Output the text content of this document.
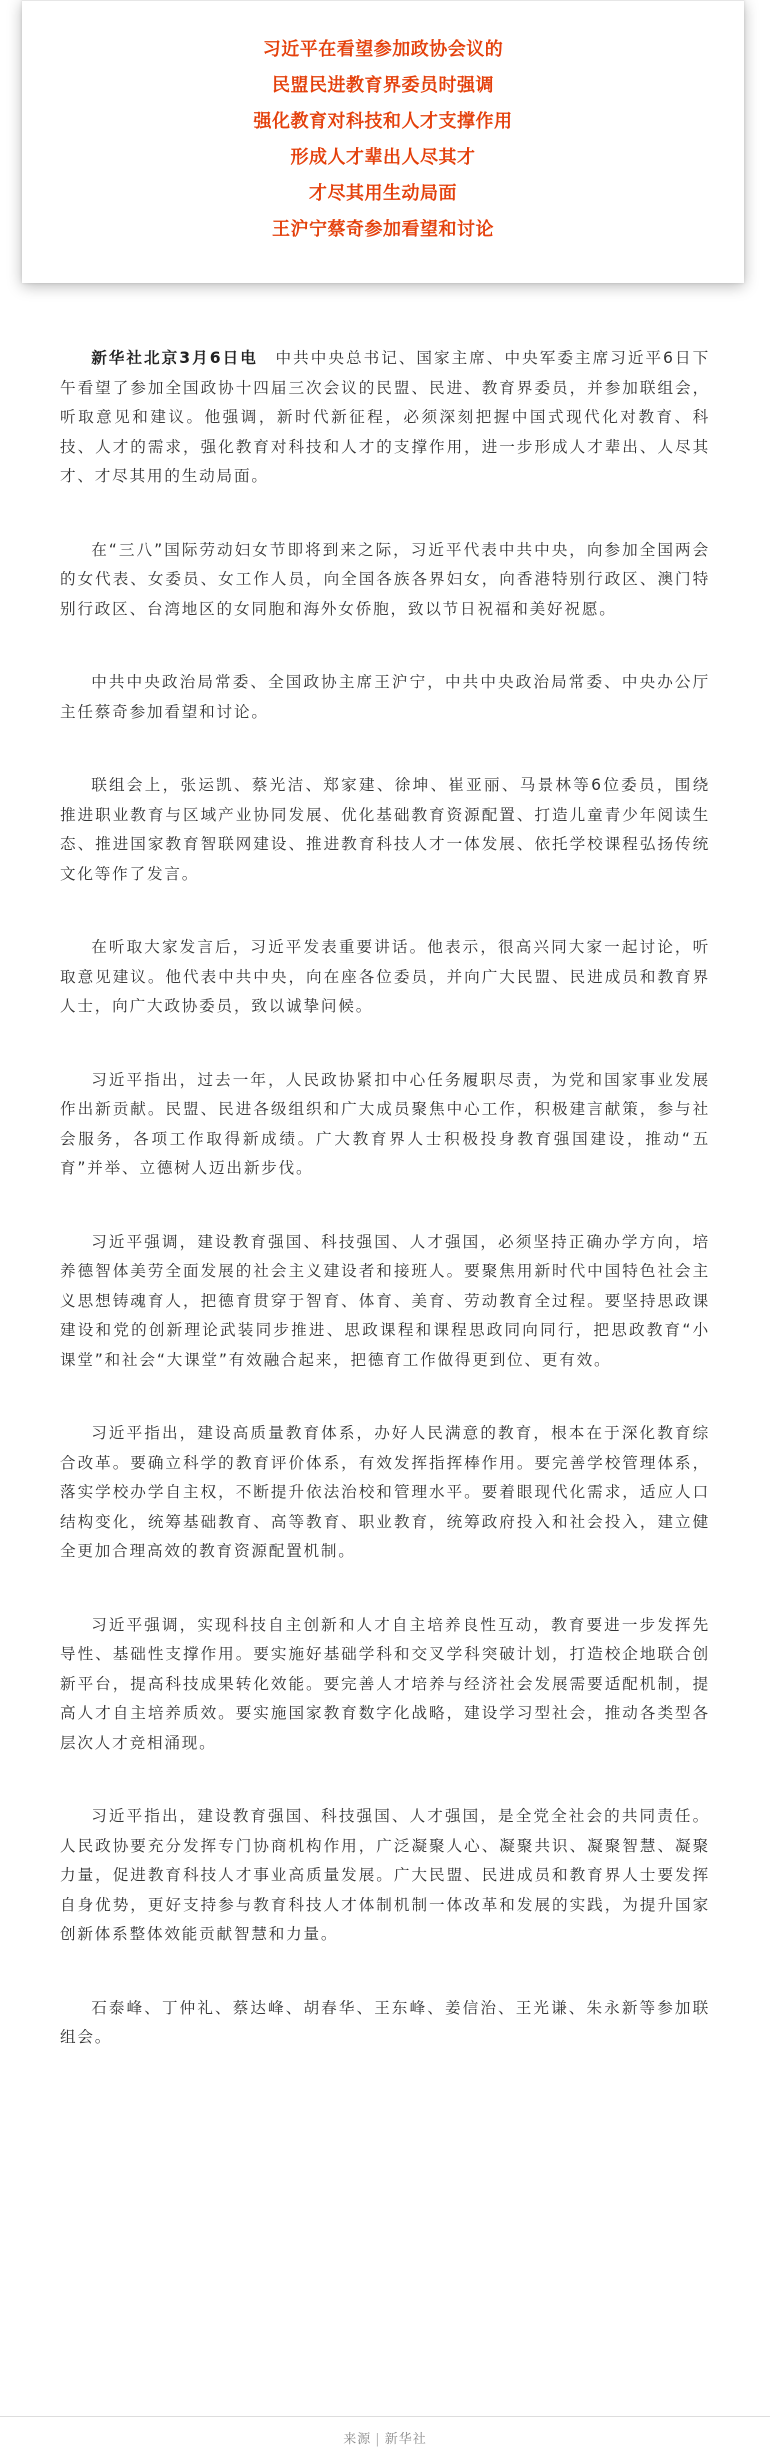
习近平在看望参加政协会议的
民盟民进教育界委员时强调
强化教育对科技和人才支撑作用
形成人才辈出人尽其才
才尽其用生动局面
王沪宁蔡奇参加看望和讨论

新华社北京3月6日电　 中共中央总书记、国家主席、中央军委主席习近平6日下午看望了参加全国政协十四届三次会议的民盟、民进、教育界委员，并参加联组会，听取意见和建议。他强调，新时代新征程，必须深刻把握中国式现代化对教育、科技、人才的需求，强化教育对科技和人才的支撑作用，进一步形成人才辈出、人尽其才、才尽其用的生动局面。

在“三八”国际劳动妇女节即将到来之际，习近平代表中共中央，向参加全国两会的女代表、女委员、女工作人员，向全国各族各界妇女，向香港特别行政区、澳门特别行政区、台湾地区的女同胞和海外女侨胞，致以节日祝福和美好祝愿。

中共中央政治局常委、全国政协主席王沪宁，中共中央政治局常委、中央办公厅主任蔡奇参加看望和讨论。

联组会上，张运凯、蔡光洁、郑家建、徐坤、崔亚丽、马景林等6位委员，围绕推进职业教育与区域产业协同发展、优化基础教育资源配置、打造儿童青少年阅读生态、推进国家教育智联网建设、推进教育科技人才一体发展、依托学校课程弘扬传统文化等作了发言。

在听取大家发言后，习近平发表重要讲话。他表示，很高兴同大家一起讨论，听取意见建议。他代表中共中央，向在座各位委员，并向广大民盟、民进成员和教育界人士，向广大政协委员，致以诚挚问候。

习近平指出，过去一年，人民政协紧扣中心任务履职尽责，为党和国家事业发展作出新贡献。民盟、民进各级组织和广大成员聚焦中心工作，积极建言献策，参与社会服务，各项工作取得新成绩。广大教育界人士积极投身教育强国建设，推动“五育”并举、立德树人迈出新步伐。

习近平强调，建设教育强国、科技强国、人才强国，必须坚持正确办学方向，培养德智体美劳全面发展的社会主义建设者和接班人。要聚焦用新时代中国特色社会主义思想铸魂育人，把德育贯穿于智育、体育、美育、劳动教育全过程。要坚持思政课建设和党的创新理论武装同步推进、思政课程和课程思政同向同行，把思政教育“小课堂”和社会“大课堂”有效融合起来，把德育工作做得更到位、更有效。

习近平指出，建设高质量教育体系，办好人民满意的教育，根本在于深化教育综合改革。要确立科学的教育评价体系，有效发挥指挥棒作用。要完善学校管理体系，落实学校办学自主权，不断提升依法治校和管理水平。要着眼现代化需求，适应人口结构变化，统筹基础教育、高等教育、职业教育，统筹政府投入和社会投入，建立健全更加合理高效的教育资源配置机制。

习近平强调，实现科技自主创新和人才自主培养良性互动，教育要进一步发挥先导性、基础性支撑作用。要实施好基础学科和交叉学科突破计划，打造校企地联合创新平台，提高科技成果转化效能。要完善人才培养与经济社会发展需要适配机制，提高人才自主培养质效。要实施国家教育数字化战略，建设学习型社会，推动各类型各层次人才竞相涌现。

习近平指出，建设教育强国、科技强国、人才强国，是全党全社会的共同责任。人民政协要充分发挥专门协商机构作用，广泛凝聚人心、凝聚共识、凝聚智慧、凝聚力量，促进教育科技人才事业高质量发展。广大民盟、民进成员和教育界人士要发挥自身优势，更好支持参与教育科技人才体制机制一体改革和发展的实践，为提升国家创新体系整体效能贡献智慧和力量。

石泰峰、丁仲礼、蔡达峰、胡春华、王东峰、姜信治、王光谦、朱永新等参加联组会。

来源 | 新华社
